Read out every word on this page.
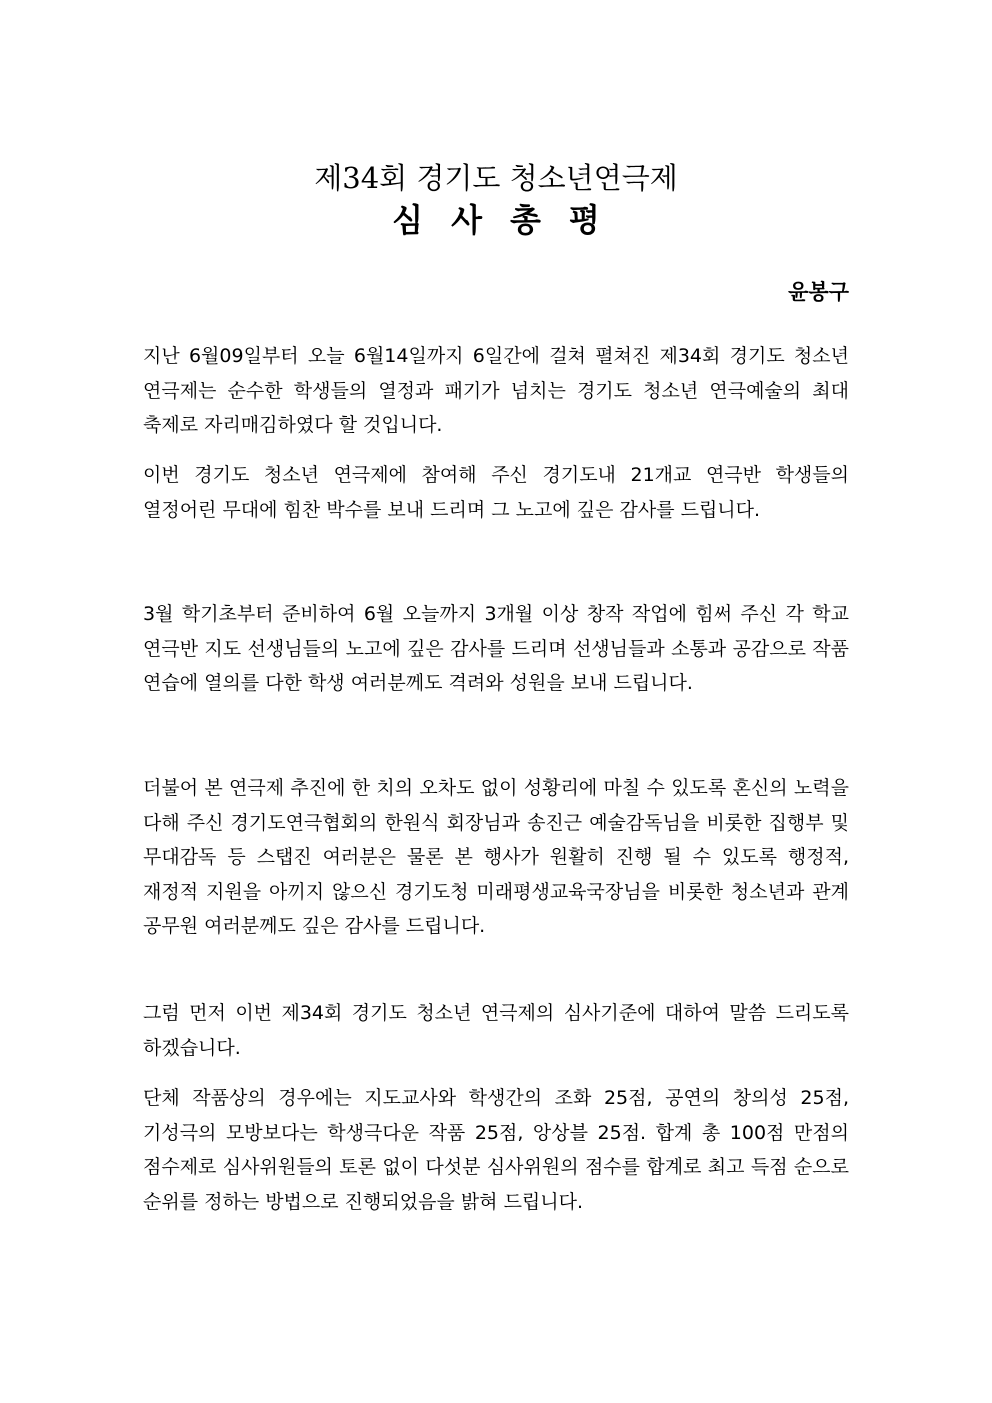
제34회 경기도 청소년연극제
심사총평
윤봉구

지난 6월09일부터 오늘 6월14일까지 6일간에 걸쳐 펼쳐진 제34회 경기도 청소년 연극제는 순수한 학생들의 열정과 패기가 넘치는 경기도 청소년 연극예술의 최대 축제로 자리매김하였다 할 것입니다.

이번 경기도 청소년 연극제에 참여해 주신 경기도내 21개교 연극반 학생들의 열정어린 무대에 힘찬 박수를 보내 드리며 그 노고에 깊은 감사를 드립니다.

3월 학기초부터 준비하여 6월 오늘까지 3개월 이상 창작 작업에 힘써 주신 각 학교 연극반 지도 선생님들의 노고에 깊은 감사를 드리며 선생님들과 소통과 공감으로 작품 연습에 열의를 다한 학생 여러분께도 격려와 성원을 보내 드립니다.

더불어 본 연극제 추진에 한 치의 오차도 없이 성황리에 마칠 수 있도록 혼신의 노력을 다해 주신 경기도연극협회의 한원식 회장님과 송진근 예술감독님을 비롯한 집행부 및 무대감독 등 스탭진 여러분은 물론 본 행사가 원활히 진행 될 수 있도록 행정적, 재정적 지원을 아끼지 않으신 경기도청 미래평생교육국장님을 비롯한 청소년과 관계 공무원 여러분께도 깊은 감사를 드립니다.

그럼 먼저 이번 제34회 경기도 청소년 연극제의 심사기준에 대하여 말씀 드리도록 하겠습니다.

단체 작품상의 경우에는 지도교사와 학생간의 조화 25점, 공연의 창의성 25점, 기성극의 모방보다는 학생극다운 작품 25점, 앙상블 25점. 합계 총 100점 만점의 점수제로 심사위원들의 토론 없이 다섯분 심사위원의 점수를 합계로 최고 득점 순으로 순위를 정하는 방법으로 진행되었음을 밝혀 드립니다.
